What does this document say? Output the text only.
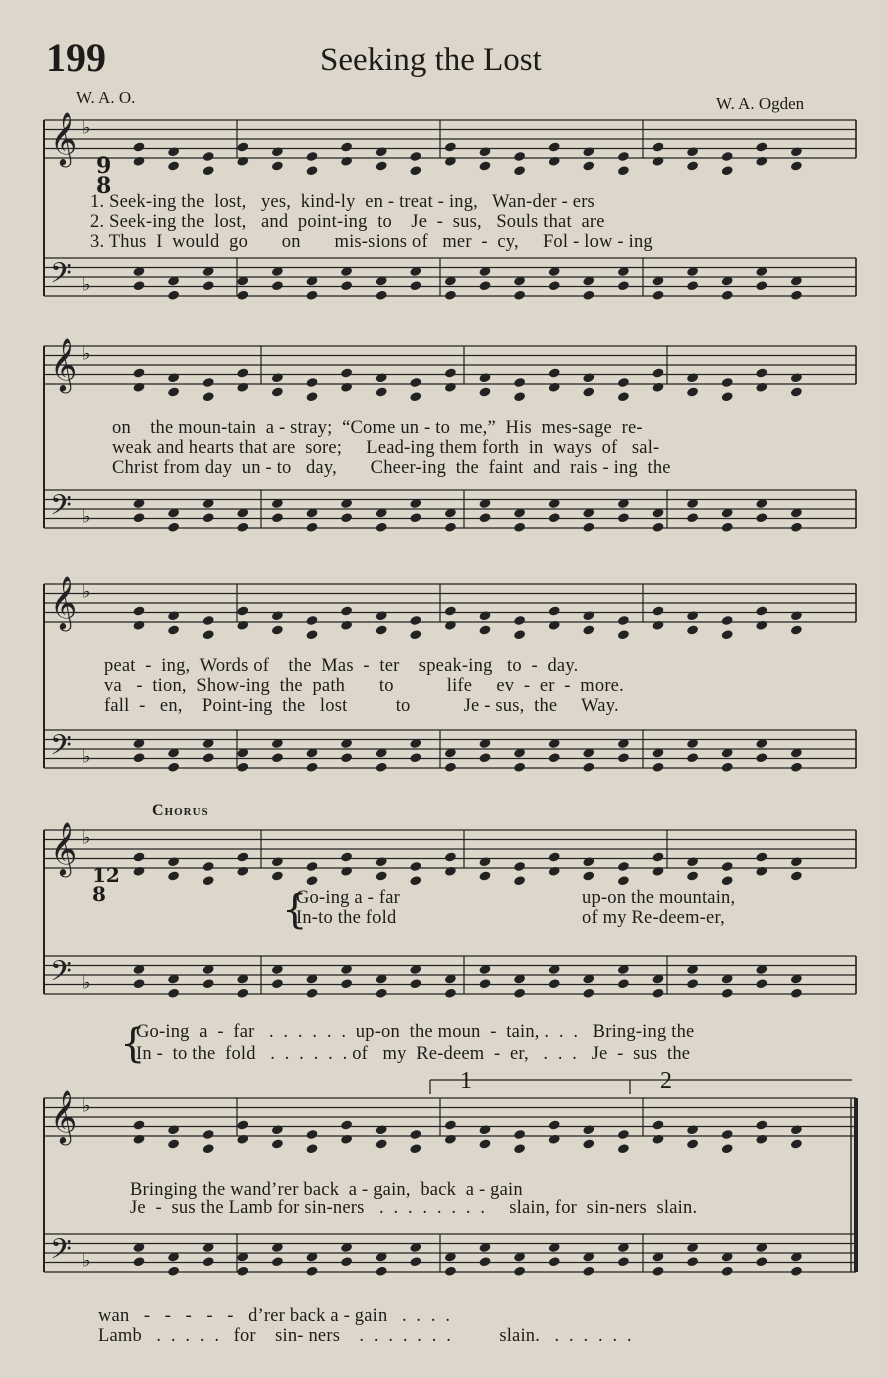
199	Seeking the Lost
W. A. O.	W. A. Ogden
𝄞
𝄢
♭
♭
𝄞
𝄢
♭
♭
𝄞
𝄢
♭
♭
𝄞
𝄢
♭
♭
𝄞
𝄢
♭
♭

9
8

12
8

1. Seek-ing the  lost,   yes,  kind-ly  en - treat - ing,   Wan-der - ers
2. Seek-ing the  lost,   and  point-ing  to    Je  -  sus,   Souls that  are
3. Thus  I  would  go       on       mis-sions of   mer  -  cy,     Fol - low - ing
on    the moun-tain  a - stray;  “Come un - to  me,”  His  mes-sage  re-
weak and hearts that are  sore;     Lead-ing them forth  in  ways  of   sal-
Christ from day  un - to   day,       Cheer-ing  the  faint  and  rais - ing  the
peat  -  ing,  Words of    the  Mas  -  ter    speak-ing   to  -  day.
va   -  tion,  Show-ing  the  path       to           life     ev  -  er  -  more.
fall  -   en,    Point-ing  the   lost          to           Je - sus,  the     Way.
Chorus
{
Go-ing a - far	up-on the mountain,
In-to the fold	of my Re-deem-er,
{
Go-ing  a  -  far   .  .  .  .  .  .  up-on  the moun  -  tain, .  .  .   Bring-ing the
In -  to the  fold   .  .  .  .  .  . of   my  Re-deem  -  er,   .  .  .   Je  -  sus  the
1	2
Bringing the wand’rer back  a - gain,  back  a - gain
Je  -  sus the Lamb for sin-ners   .  .  .  .  .  .  .  .     slain, for  sin-ners  slain.
wan   -   -   -   -   -   d’rer back a - gain   .  .  .  .
Lamb   .  .  .  .  .   for    sin- ners    .  .  .  .  .  .  .          slain.   .  .  .  .  .  .
